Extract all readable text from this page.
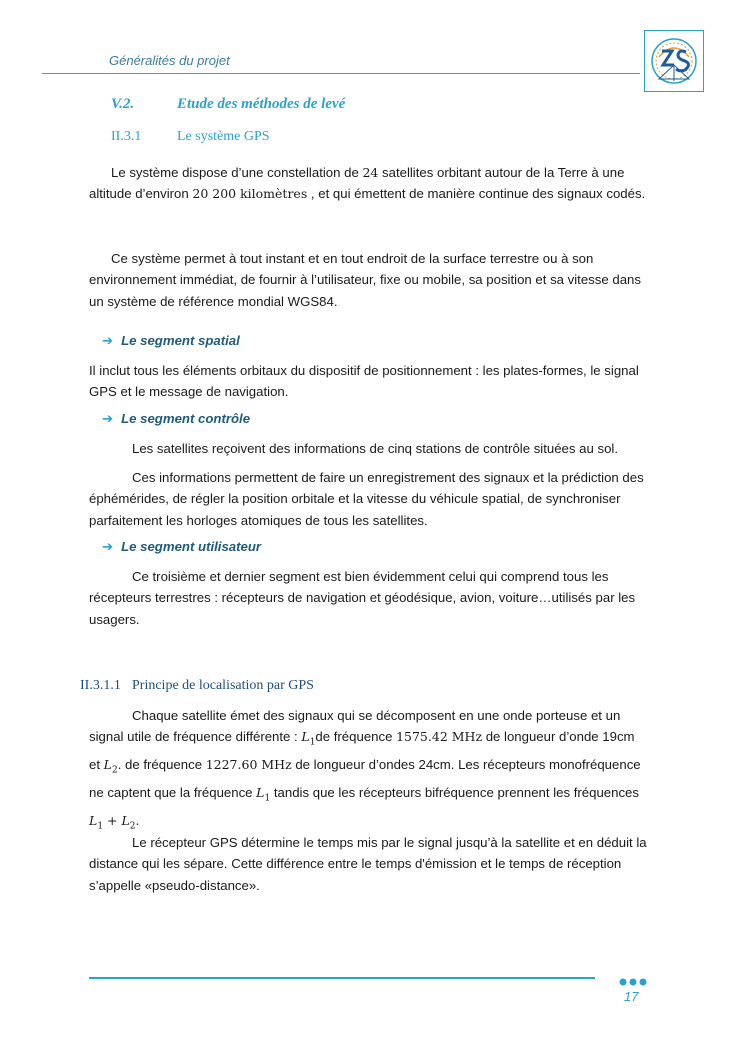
Généralités du projet
V.2.	Etude des méthodes de levé
II.3.1	Le système GPS
Le système dispose d’une constellation de 24 satellites orbitant autour de la Terre à une altitude d’environ 20 200 kilomètres , et qui émettent de manière continue des signaux codés.
Ce système permet à tout instant et en tout endroit de la surface terrestre ou à son environnement immédiat, de fournir à l’utilisateur, fixe ou mobile, sa position et sa vitesse dans un système de référence mondial WGS84.
➔ Le segment spatial
Il inclut tous les éléments orbitaux du dispositif de positionnement : les plates-formes, le signal GPS et le message de navigation.
➔ Le segment contrôle
Les satellites reçoivent des informations de cinq stations de contrôle situées au sol.
Ces informations permettent de faire un enregistrement des signaux et la prédiction des éphémérides, de régler la position orbitale et la vitesse du véhicule spatial, de synchroniser parfaitement les horloges atomiques de tous les satellites.
➔ Le segment utilisateur
Ce troisième et dernier segment est bien évidemment celui qui comprend tous les récepteurs terrestres : récepteurs de navigation et géodésique, avion, voiture…utilisés par les usagers.
II.3.1.1 Principe de localisation par GPS
Chaque satellite émet des signaux qui se décomposent en une onde porteuse et un signal utile de fréquence différente : $L_1de$ fréquence 1575.42 MHz de longueur d’onde 19cm et $L_2$. de fréquence 1227.60 MHz de longueur d’ondes 24cm. Les récepteurs monofréquence ne captent que la fréquence $L_1$ tandis que les récepteurs bifréquence prennent les fréquences $L_1 + L_2$.
Le récepteur GPS détermine le temps mis par le signal jusqu’à la satellite et en déduit la distance qui les sépare. Cette différence entre le temps d'émission et le temps de réception s’appelle «pseudo-distance».
17
